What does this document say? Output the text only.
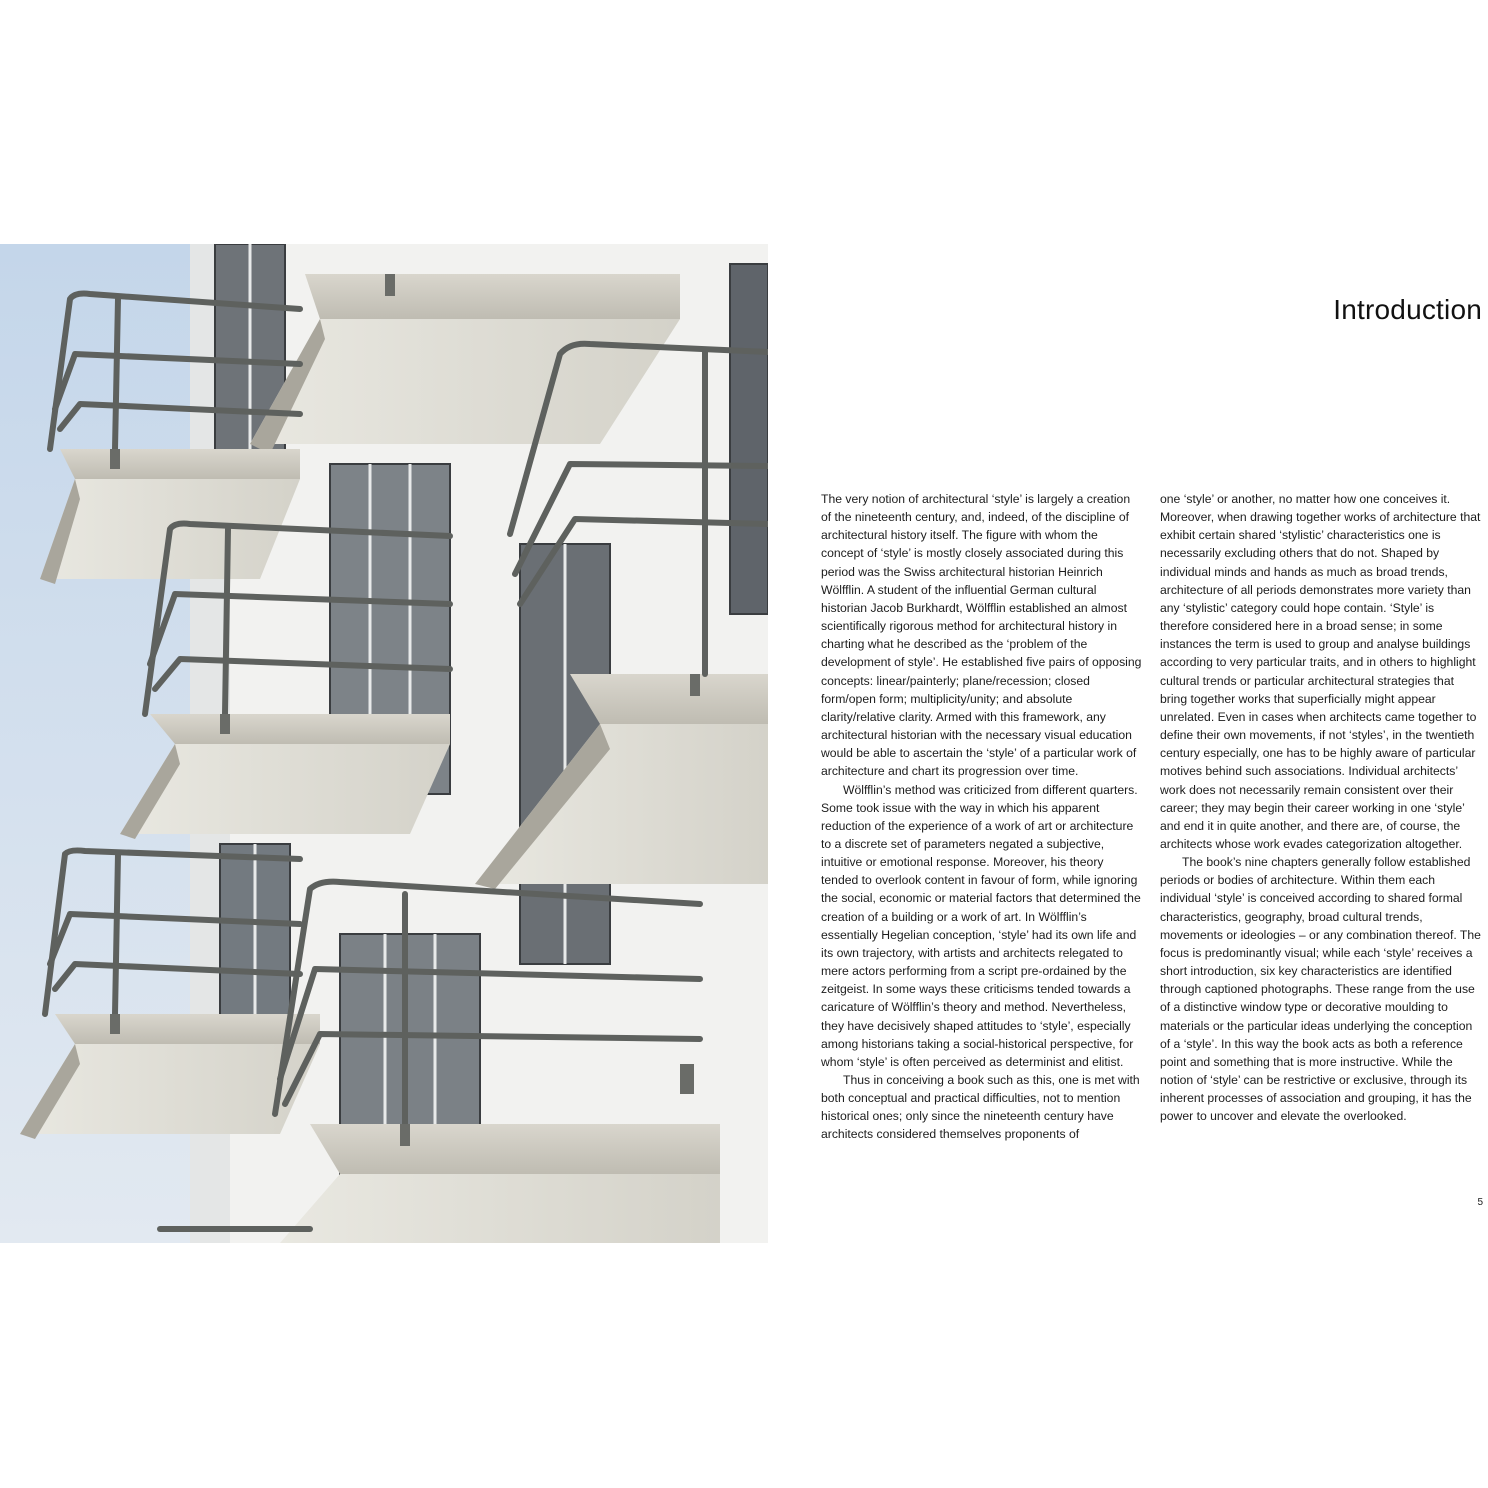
Introduction

The very notion of architectural ‘style’ is largely a creation of the nineteenth century, and, indeed, of the discipline of architectural history itself. The figure with whom the concept of ‘style’ is mostly closely associated during this period was the Swiss architectural historian Heinrich Wölfflin. A student of the influential German cultural historian Jacob Burkhardt, Wölfflin established an almost scientifically rigorous method for architectural history in charting what he described as the ‘problem of the development of style’. He established five pairs of opposing concepts: linear/painterly; plane/recession; closed form/open form; multiplicity/unity; and absolute clarity/relative clarity. Armed with this framework, any architectural historian with the necessary visual education would be able to ascertain the ‘style’ of a particular work of architecture and chart its progression over time.

Wölfflin’s method was criticized from different quarters. Some took issue with the way in which his apparent reduction of the experience of a work of art or architecture to a discrete set of parameters negated a subjective, intuitive or emotional response. Moreover, his theory tended to overlook content in favour of form, while ignoring the social, economic or material factors that determined the creation of a building or a work of art. In Wölfflin’s essentially Hegelian conception, ‘style’ had its own life and its own trajectory, with artists and architects relegated to mere actors performing from a script pre-ordained by the zeitgeist. In some ways these criticisms tended towards a caricature of Wölfflin’s theory and method. Nevertheless, they have decisively shaped attitudes to ‘style’, especially among historians taking a social-historical perspective, for whom ‘style’ is often perceived as determinist and elitist.

Thus in conceiving a book such as this, one is met with both conceptual and practical difficulties, not to mention historical ones; only since the nineteenth century have architects considered themselves proponents of

one ‘style’ or another, no matter how one conceives it. Moreover, when drawing together works of architecture that exhibit certain shared ‘stylistic’ characteristics one is necessarily excluding others that do not. Shaped by individual minds and hands as much as broad trends, architecture of all periods demonstrates more variety than any ‘stylistic’ category could hope contain. ‘Style’ is therefore considered here in a broad sense; in some instances the term is used to group and analyse buildings according to very particular traits, and in others to highlight cultural trends or particular architectural strategies that bring together works that superficially might appear unrelated. Even in cases when architects came together to define their own movements, if not ‘styles’, in the twentieth century especially, one has to be highly aware of particular motives behind such associations. Individual architects’ work does not necessarily remain consistent over their career; they may begin their career working in one ‘style’ and end it in quite another, and there are, of course, the architects whose work evades categorization altogether.

The book’s nine chapters generally follow established periods or bodies of architecture. Within them each individual ‘style’ is conceived according to shared formal characteristics, geography, broad cultural trends, movements or ideologies – or any combination thereof. The focus is predominantly visual; while each ‘style’ receives a short introduction, six key characteristics are identified through captioned photographs. These range from the use of a distinctive window type or decorative moulding to materials or the particular ideas underlying the conception of a ‘style’. In this way the book acts as both a reference point and something that is more instructive. While the notion of ‘style’ can be restrictive or exclusive, through its inherent processes of association and grouping, it has the power to uncover and elevate the overlooked.

5
